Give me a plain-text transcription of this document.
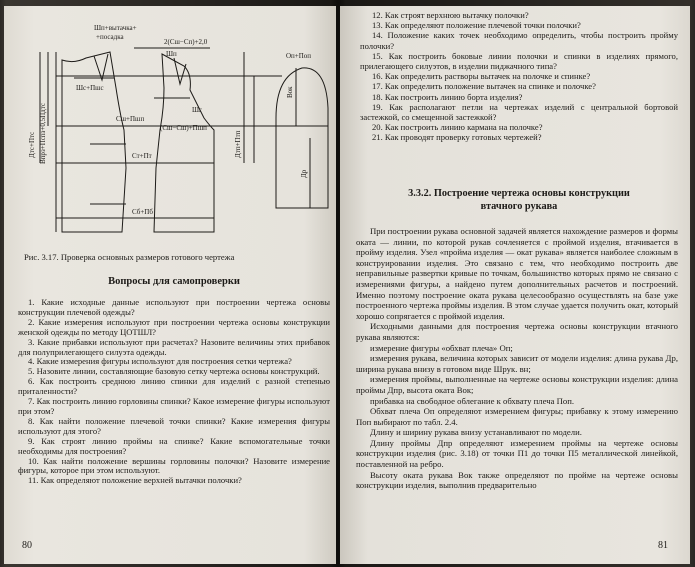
Шп+вытачка+
+посадка
Шп
2(Сш−Сп)+2,0
Оп+Поп
Шс+Пшс
Дтс+Птс Впрз+Пспз+0,5Пдтс	Дтп+Птп
Шг
Сш+Пшп
(Сш−Сш)+Пшп
Ст+Пт
Сб+Пб
Вок
Др
Рис. 3.17. Проверка основных размеров готового чертежа
Вопросы для самопроверки

1. Какие исходные данные используют при построении чертежа основы конструкции плечевой одежды?

2. Какие измерения используют при построении чертежа основы конструкции женской одежды по методу ЦОТШЛ?

3. Какие прибавки используют при расчетах? Назовите величины этих прибавок для полуприлегающего силуэта одежды.

4. Какие измерения фигуры используют для построения сетки чертежа?

5. Назовите линии, составляющие базовую сетку чертежа основы конструкций.

6. Как построить среднюю линию спинки для изделий с разной степенью приталенности?

7. Как построить линию горловины спинки? Какое измерение фигуры используют при этом?

8. Как найти положение плечевой точки спинки? Какие измерения фигуры используют для этого?

9. Как строят линию проймы на спинке? Какие вспомогательные точки необходимы для построения?

10. Как найти положение вершины горловины полочки? Назовите измерение фигуры, которое при этом используют.

11. Как определяют положение верхней вытачки полочки?

80

12. Как строят верхнюю вытачку полочки?

13. Как определяют положение плечевой точки полочки?

14. Положение каких точек необходимо определить, чтобы построить пройму полочки?

15. Как построить боковые линии полочки и спинки в изделиях прямого, прилегающего силуэтов, в изделии пиджачного типа?

16. Как определить растворы вытачек на полочке и спинке?

17. Как определить положение вытачек на спинке и полочке?

18. Как построить линию борта изделия?

19. Как располагают петли на чертежах изделий с центральной бортовой застежкой, со смещенной застежкой?

20. Как построить линию кармана на полочке?

21. Как проводят проверку готовых чертежей?

3.3.2. Построение чертежа основы конструкции
втачного рукава

При построении рукава основной задачей является нахождение размеров и формы оката — линии, по которой рукав сочленяется с проймой изделия, втачивается в пройму изделия. Узел «пройма изделия — окат рукава» является наиболее сложным в конструировании изделия. Это связано с тем, что необходимо построить две неправильные развертки кривые по точкам, большинство которых прямо не связано с измерениями фигуры, а найдено путем дополнительных расчетов и построений. Именно поэтому построение оката рукава целесообразно осуществлять на базе уже построенного чертежа проймы изделия. В этом случае удается получить окат, который хорошо сопрягается с проймой изделия.

Исходными данными для построения чертежа основы конструкции втачного рукава являются:

измерение фигуры «обхват плеча» Оп;

измерения рукава, величина которых зависит от модели изделия: длина рукава Др, ширина рукава внизу в готовом виде Шрук. вн;

измерения проймы, выполненные на чертеже основы конструкции изделия: длина проймы Дпр, высота оката Вок;

прибавка на свободное облегание к обхвату плеча Поп.

Обхват плеча Оп определяют измерением фигуры; прибавку к этому измерению Поп выбирают по табл. 2.4.

Длину и ширину рукава внизу устанавливают по модели.

Длину проймы Дпр определяют измерением проймы на чертеже основы конструкции изделия (рис. 3.18) от точки П1 до точки П5 металлической линейкой, поставленной на ребро.

Высоту оката рукава Вок также определяют по пройме на чертеже основы конструкции изделия, выполнив предварительно

81
